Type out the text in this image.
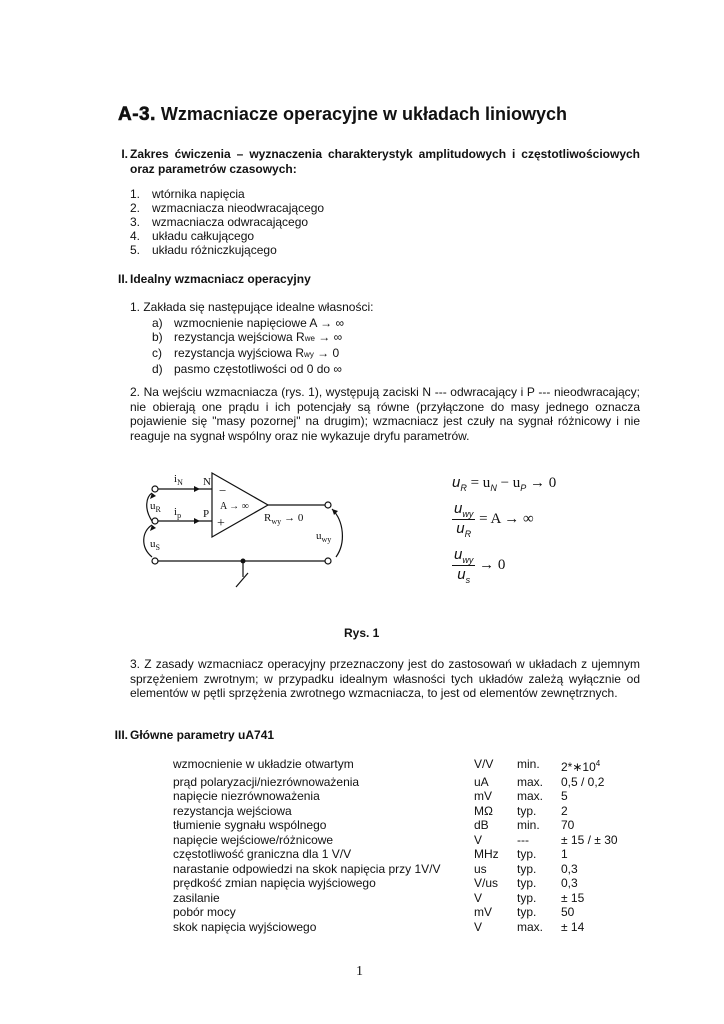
A-3. Wzmacniacze operacyjne w układach liniowych
I. Zakres ćwiczenia – wyznaczenia charakterystyk amplitudowych i częstotliwościowych
oraz parametrów czasowych:
1. wtórnika napięcia
2. wzmacniacza nieodwracającego
3. wzmacniacza odwracającego
4. układu całkującego
5. układu różniczkującego
II. Idealny wzmacniacz operacyjny
1. Zakłada się następujące idealne własności:
a) wzmocnienie napięciowe A → ∞
b) rezystancja wejściowa Rwe → ∞
c) rezystancja wyjściowa Rwy → 0
d) pasmo częstotliwości od 0 do ∞
2. Na wejściu wzmacniacza (rys. 1), występują zaciski N --- odwracający i P --- nieodwracający; nie obierają one prądu i ich potencjały są równe (przyłączone do masy jednego oznacza pojawienie się "masy pozornej" na drugim); wzmacniacz jest czuły na sygnał różnicowy i nie reaguje na sygnał wspólny oraz nie wykazuje dryfu parametrów.
$i_N$ N
$u_R$ $i_p$ P
A → ∞
−
+	$R_{wy} \to 0$
$u_S$
$u_{wy}$
$u_R = u_N - u_P \to 0$
$u_{wy}$
$u_R$
= A → ∞
$u_{wy}$
$u_s$
→ 0
Rys. 1
3. Z zasady wzmacniacz operacyjny przeznaczony jest do zastosowań w układach z ujemnym sprzężeniem zwrotnym; w przypadku idealnym własności tych układów zależą wyłącznie od elementów w pętli sprzężenia zwrotnego wzmacniacza, to jest od elementów zewnętrznych.
III. Główne parametry uA741
wzmocnienie w układzie otwartym	V/V	min.	$2*∗10^4$
prąd polaryzacji/niezrównoważenia	uA	max.	0,5 / 0,2
napięcie niezrównoważenia	mV	max.	5
rezystancja wejściowa	MΩ	typ.	2
tłumienie sygnału wspólnego	dB	min.	70
napięcie wejściowe/różnicowe	V	---	± 15 / ± 30
częstotliwość graniczna dla 1 V/V	MHz	typ.	1
narastanie odpowiedzi na skok napięcia przy 1V/V	us	typ.	0,3
prędkość zmian napięcia wyjściowego	V/us	typ.	0,3
zasilanie	V	typ.	± 15
pobór mocy	mV	typ.	50
skok napięcia wyjściowego	V	max.	± 14
1
